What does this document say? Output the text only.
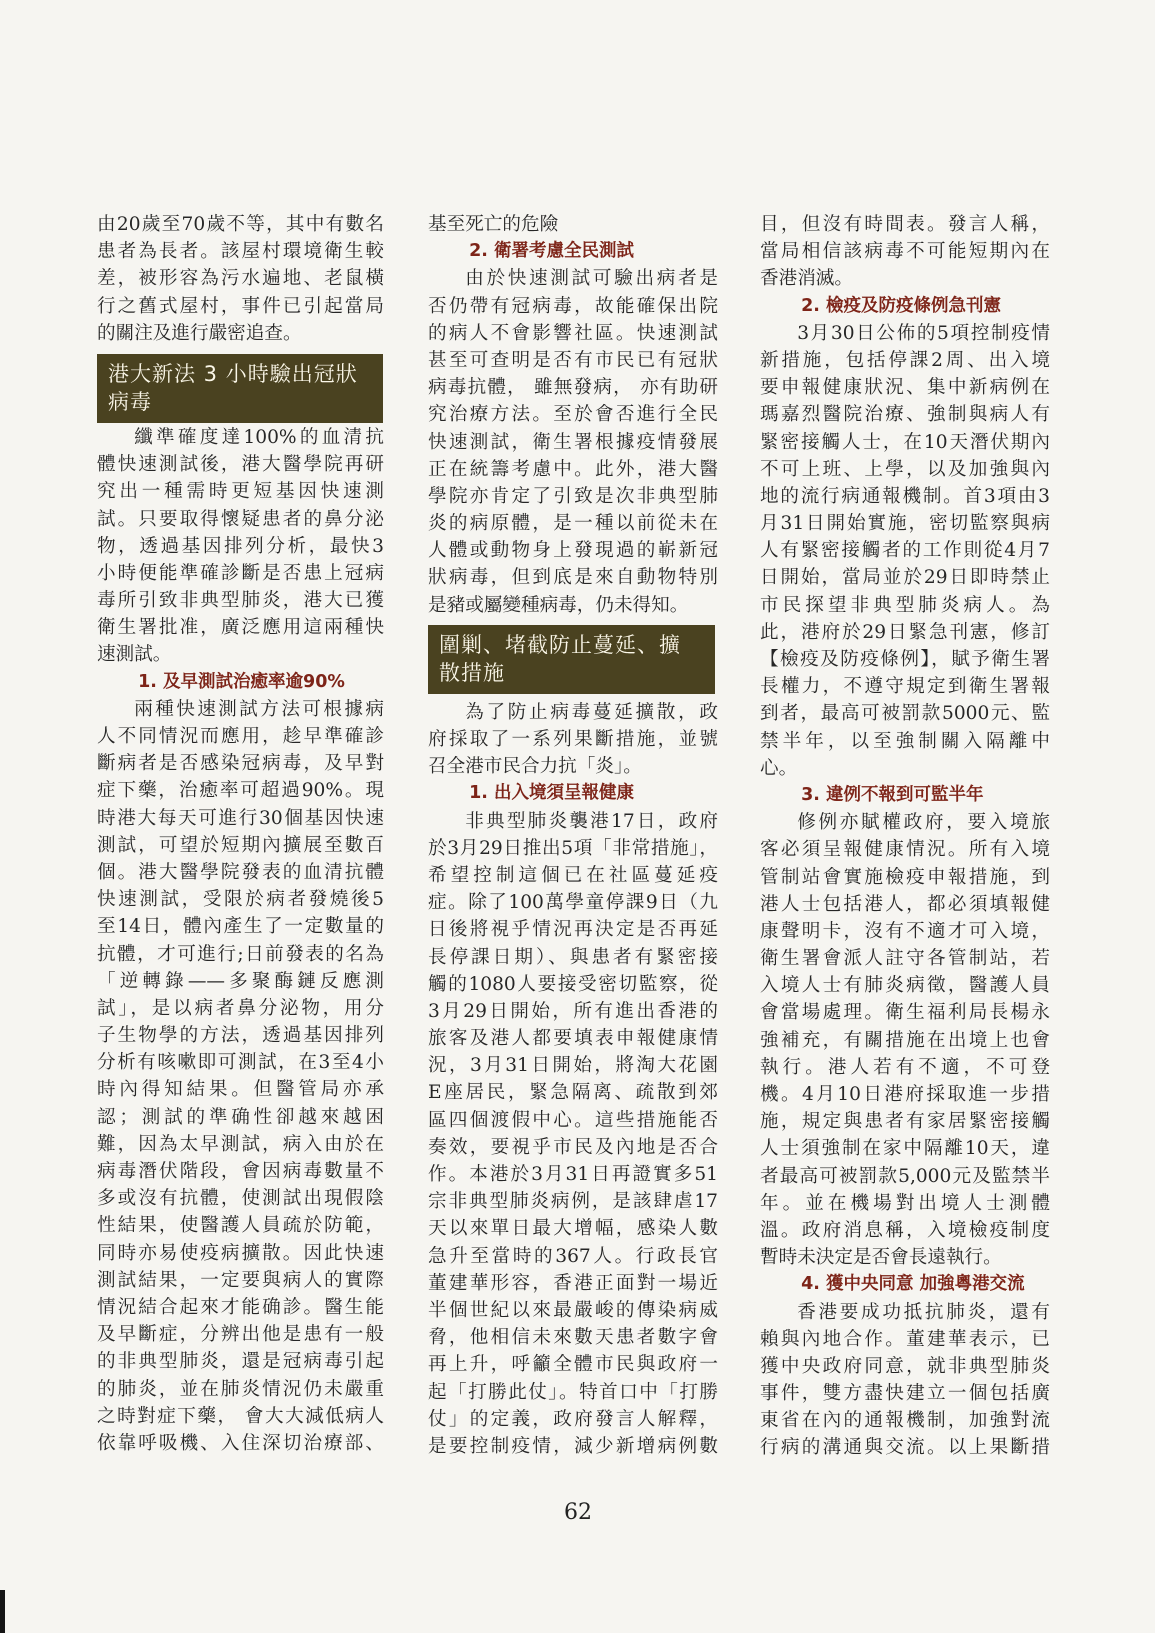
由20歲至70歲不等，其中有數名
患者為長者。該屋村環境衛生較
差，被形容為污水遍地、老鼠橫
行之舊式屋村，事件已引起當局
的關注及進行嚴密追查。
港大新法 3 小時驗出冠狀
病毒
纖準確度達100%的血清抗
體快速測試後，港大醫學院再研
究出一種需時更短基因快速測
試。只要取得懷疑患者的鼻分泌
物，透過基因排列分析，最快3
小時便能準確診斷是否患上冠病
毒所引致非典型肺炎，港大已獲
衛生署批准，廣泛應用這兩種快
速測試。
1. 及早測試治癒率逾90%
兩種快速測試方法可根據病
人不同情況而應用，趁早準確診
斷病者是否感染冠病毒，及早對
症下藥，治癒率可超過90%。現
時港大每天可進行30個基因快速
測試，可望於短期內擴展至數百
個。港大醫學院發表的血清抗體
快速測試，受限於病者發燒後5
至14日，體內產生了一定數量的
抗體，才可進行;日前發表的名為
「逆轉錄——多聚酶鏈反應測
試」，是以病者鼻分泌物，用分
子生物學的方法，透過基因排列
分析有咳嗽即可測試，在3至4小
時內得知結果。但醫管局亦承
認；測試的準确性卻越來越困
難，因為太早測試，病入由於在
病毒潛伏階段，會因病毒數量不
多或沒有抗體，使測試出現假陰
性結果，使醫護人員疏於防範，
同時亦易使疫病擴散。因此快速
測試結果，一定要與病人的實際
情況結合起來才能确診。醫生能
及早斷症，分辨出他是患有一般
的非典型肺炎，還是冠病毒引起
的肺炎，並在肺炎情況仍未嚴重
之時對症下藥， 會大大減低病人
依靠呼吸機、入住深切治療部、
基至死亡的危險
2. 衛署考慮全民測試
由於快速測試可驗出病者是
否仍帶有冠病毒，故能確保出院
的病人不會影響社區。快速測試
甚至可查明是否有市民已有冠狀
病毒抗體， 雖無發病， 亦有助研
究治療方法。至於會否進行全民
快速測試，衛生署根據疫情發展
正在統籌考慮中。此外，港大醫
學院亦肯定了引致是次非典型肺
炎的病原體，是一種以前從未在
人體或動物身上發現過的嶄新冠
狀病毒，但到底是來自動物特別
是豬或屬變種病毒，仍未得知。
圍剿、堵截防止蔓延、擴
散措施
為了防止病毒蔓延擴散，政
府採取了一系列果斷措施，並號
召全港市民合力抗「炎」。
1. 出入境須呈報健康
非典型肺炎襲港17日，政府
於3月29日推出5項「非常措施」，
希望控制這個已在社區蔓延疫
症。除了100萬學童停課9日（九
日後將視乎情況再決定是否再延
長停課日期）、與患者有緊密接
觸的1080人要接受密切監察，從
3月29日開始，所有進出香港的
旅客及港人都要填表申報健康情
況，3月31日開始，將淘大花園
E座居民，緊急隔离、疏散到郊
區四個渡假中心。這些措施能否
奏效，要視乎市民及內地是否合
作。本港於3月31日再證實多51
宗非典型肺炎病例，是該肆虐17
天以來單日最大增幅，感染人數
急升至當時的367人。行政長官
董建華形容，香港正面對一場近
半個世紀以來最嚴峻的傳染病威
脅，他相信未來數天患者數字會
再上升，呼籲全體市民與政府一
起「打勝此仗」。特首口中「打勝
仗」的定義，政府發言人解釋，
是要控制疫情，減少新增病例數
目，但沒有時間表。發言人稱，
當局相信該病毒不可能短期內在
香港消滅。
2. 檢疫及防疫條例急刊憲
3月30日公佈的5項控制疫情
新措施，包括停課2周、出入境
要申報健康狀況、集中新病例在
瑪嘉烈醫院治療、強制與病人有
緊密接觸人士，在10天潛伏期內
不可上班、上學，以及加強與內
地的流行病通報機制。首3項由3
月31日開始實施，密切監察與病
人有緊密接觸者的工作則從4月7
日開始，當局並於29日即時禁止
市民探望非典型肺炎病人。為
此，港府於29日緊急刊憲，修訂
【檢疫及防疫條例】，賦予衛生署
長權力，不遵守規定到衛生署報
到者，最高可被罰款5000元、監
禁半年，以至強制關入隔離中
心。
3. 違例不報到可監半年
修例亦賦權政府，要入境旅
客必須呈報健康情況。所有入境
管制站會實施檢疫申報措施，到
港人士包括港人，都必須填報健
康聲明卡，沒有不適才可入境，
衛生署會派人註守各管制站，若
入境人士有肺炎病徵，醫護人員
會當場處理。衛生福利局長楊永
強補充，有關措施在出境上也會
執行。港人若有不適，不可登
機。4月10日港府採取進一步措
施，規定與患者有家居緊密接觸
人士須強制在家中隔離10天，違
者最高可被罰款5,000元及監禁半
年。並在機場對出境人士測體
溫。政府消息稱，入境檢疫制度
暫時未決定是否會長遠執行。
4. 獲中央同意 加強粵港交流
香港要成功抵抗肺炎，還有
賴與內地合作。董建華表示，已
獲中央政府同意，就非典型肺炎
事件，雙方盡快建立一個包括廣
東省在內的通報機制，加強對流
行病的溝通與交流。以上果斷措
62
